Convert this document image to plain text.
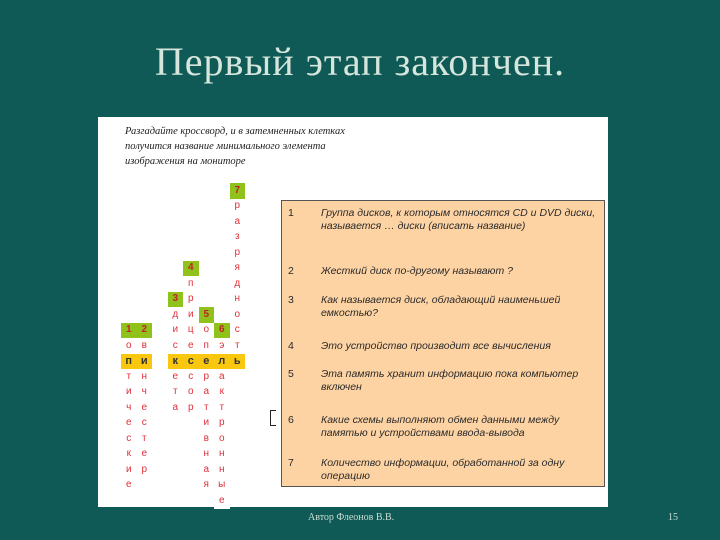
Первый этап закончен.
Разгадайте кроссворд, и в затемненных клетках получится название минимального элемента изображения на мониторе
							7	
							р	
							а	
							з	
							р	
				4			я	
				п			д	
			3	р			н	
			д	и	5		о	
1	2		и	ц	о	6	с	
о	в		с	е	п	э	т	
п	и		к	с	е	л	ь	
т	н		е	с	р	а		
и	ч		т	о	а	к		
ч	е		а	р	т	т		
е	с				и	р		
с	т				в	о		
к	е				н	н		
и	р				а	н		
е					я	ы		
						е		
1	Группа дисков, к которым относятся CD и DVD диски, называется … диски (вписать название)
2	Жесткий диск по-другому называют ?
3	Как называется диск, обладающий наименьшей емкостью?
4	Это устройство производит все вычисления
5	Эта память хранит информацию пока компьютер включен
6	Какие схемы выполняют обмен данными между памятью и устройствами ввода-вывода
7	Количество информации, обработанной за одну операцию
Автор Флеонов В.В.	15
